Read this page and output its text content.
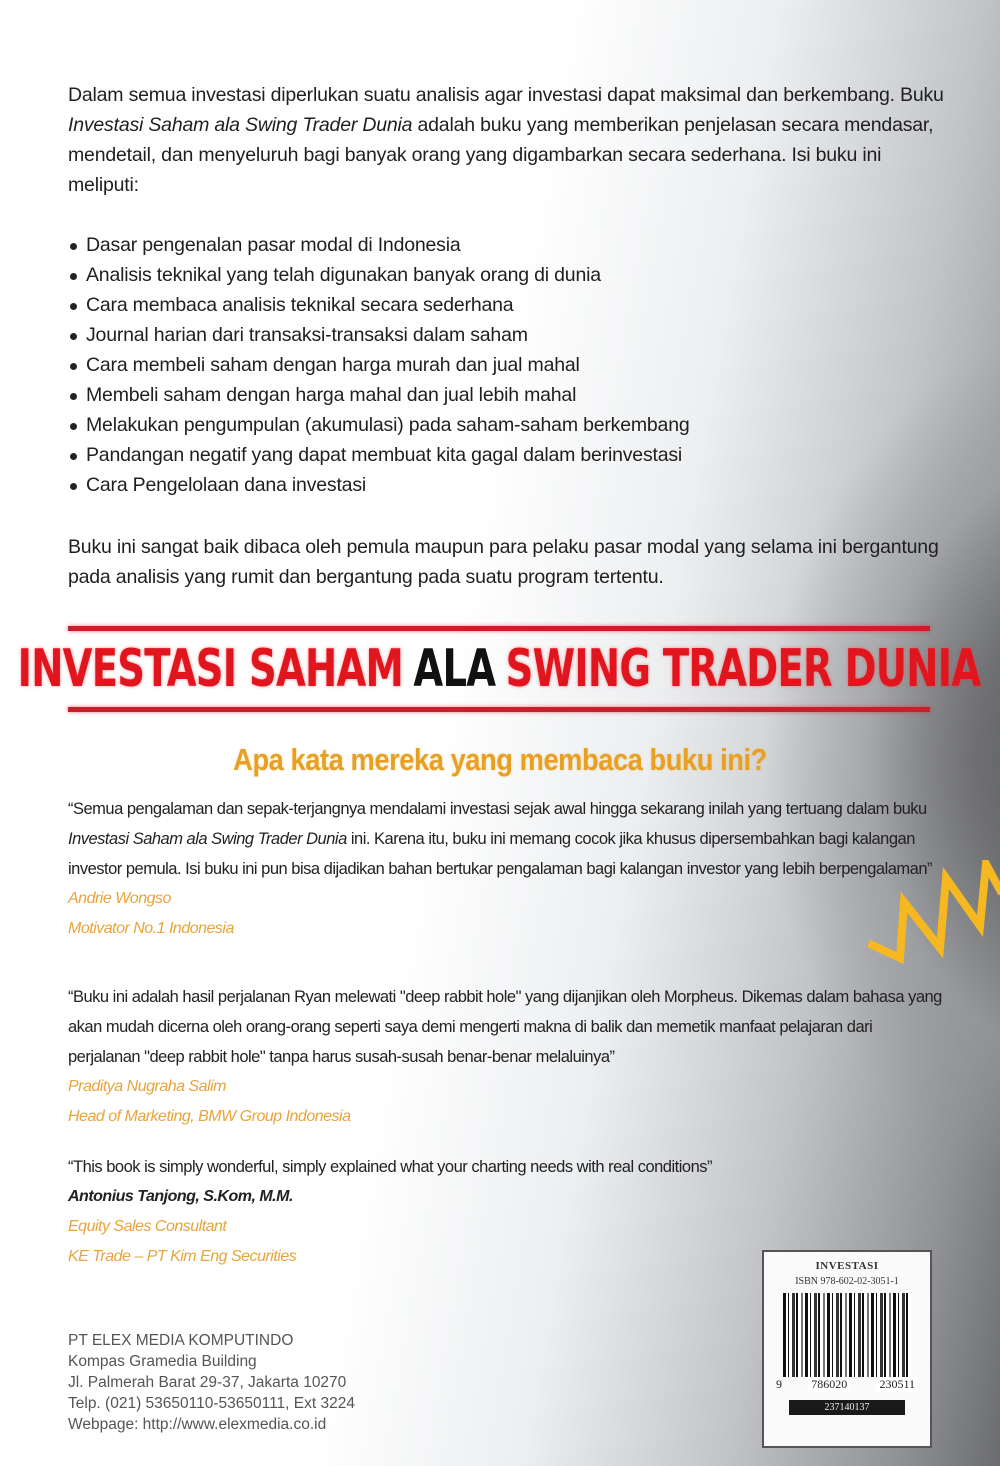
Dalam semua investasi diperlukan suatu analisis agar investasi dapat maksimal dan berkembang. Buku Investasi Saham ala Swing Trader Dunia adalah buku yang memberikan penjelasan secara mendasar, mendetail, dan menyeluruh bagi banyak orang yang digambarkan secara sederhana. Isi buku ini meliputi:

Dasar pengenalan pasar modal di Indonesia
Analisis teknikal yang telah digunakan banyak orang di dunia
Cara membaca analisis teknikal secara sederhana
Journal harian dari transaksi-transaksi dalam saham
Cara membeli saham dengan harga murah dan jual mahal
Membeli saham dengan harga mahal dan jual lebih mahal
Melakukan pengumpulan (akumulasi) pada saham-saham berkembang
Pandangan negatif yang dapat membuat kita gagal dalam berinvestasi
Cara Pengelolaan dana investasi

Buku ini sangat baik dibaca oleh pemula maupun para pelaku pasar modal yang selama ini bergantung pada analisis yang rumit dan bergantung pada suatu program tertentu.

INVESTASI SAHAM ALA SWING TRADER DUNIA
Apa kata mereka yang membaca buku ini?
“Semua pengalaman dan sepak-terjangnya mendalami investasi sejak awal hingga sekarang inilah yang tertuang dalam buku Investasi Saham ala Swing Trader Dunia ini. Karena itu, buku ini memang cocok jika khusus dipersembahkan bagi kalangan investor pemula. Isi buku ini pun bisa dijadikan bahan bertukar pengalaman bagi kalangan investor yang lebih berpengalaman”
Andrie Wongso
Motivator No.1 Indonesia
“Buku ini adalah hasil perjalanan Ryan melewati "deep rabbit hole" yang dijanjikan oleh Morpheus. Dikemas dalam bahasa yang akan mudah dicerna oleh orang-orang seperti saya demi mengerti makna di balik dan memetik manfaat pelajaran dari perjalanan "deep rabbit hole" tanpa harus susah-susah benar-benar melaluinya”
Praditya Nugraha Salim
Head of Marketing, BMW Group Indonesia
“This book is simply wonderful, simply explained what your charting needs with real conditions”
Antonius Tanjong, S.Kom, M.M.
Equity Sales Consultant
KE Trade – PT Kim Eng Securities
PT ELEX MEDIA KOMPUTINDO
Kompas Gramedia Building
Jl. Palmerah Barat 29-37, Jakarta 10270
Telp. (021) 53650110-53650111, Ext 3224
Webpage: http://www.elexmedia.co.id
INVESTASI
ISBN 978-602-02-3051-1
9 786020	230511
237140137
